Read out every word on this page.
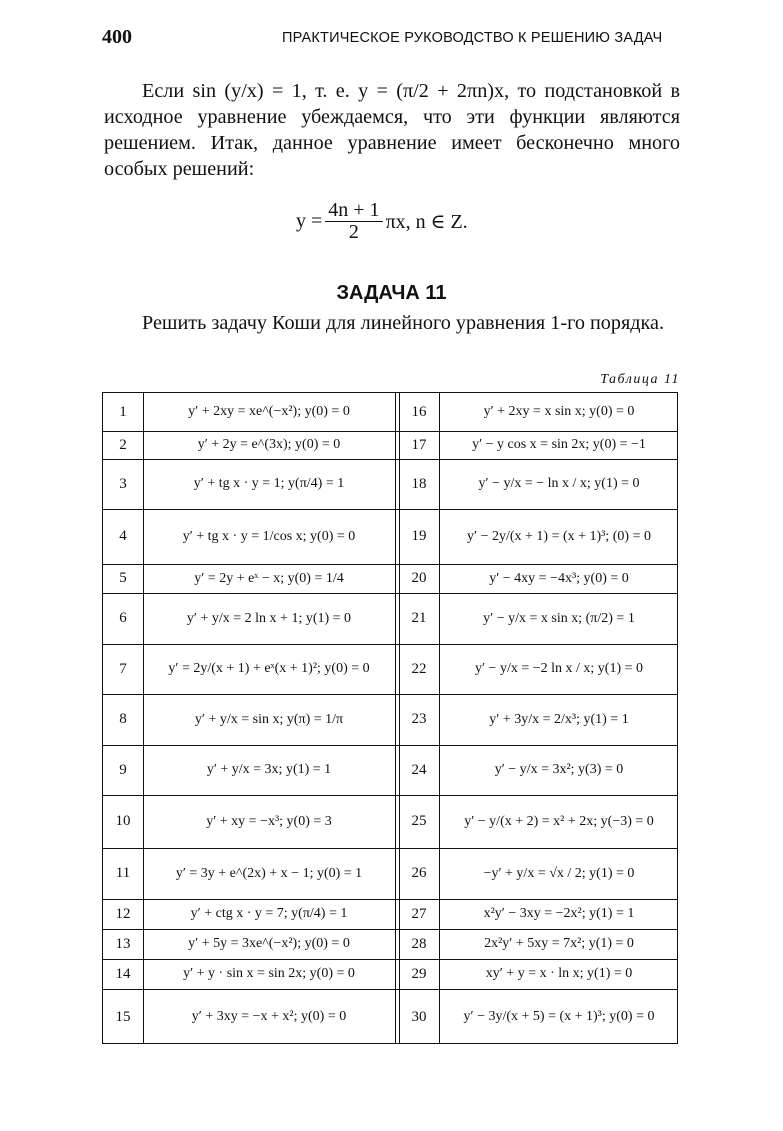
400	ПРАКТИЧЕСКОЕ РУКОВОДСТВО К РЕШЕНИЮ ЗАДАЧ

Если sin (y/x) = 1, т. е. y = (π/2 + 2πn)x, то подстановкой в исходное уравнение убеждаемся, что эти функции являются решением. Итак, данное уравнение имеет бесконечно много особых решений:

$y = \frac{4n + 1}{2} \pi x$, n ∈ Z.
ЗАДАЧА 11

Решить задачу Коши для линейного уравнения 1-го порядка.

Таблица 11
1	y′ + 2xy = xe^(−x²); y(0) = 0	16	y′ + 2xy = x sin x; y(0) = 0
2	y′ + 2y = e^(3x); y(0) = 0	17	y′ − y cos x = sin 2x; y(0) = −1
3	y′ + tg x · y = 1; y(π/4) = 1	18	y′ − y/x = − ln x / x; y(1) = 0
4	y′ + tg x · y = 1/cos x; y(0) = 0	19	y′ − 2y/(x + 1) = (x + 1)³; (0) = 0
5	y′ = 2y + eˣ − x; y(0) = 1/4	20	y′ − 4xy = −4x³; y(0) = 0
6	y′ + y/x = 2 ln x + 1; y(1) = 0	21	y′ − y/x = x sin x; (π/2) = 1
7	y′ = 2y/(x + 1) + eˣ(x + 1)²; y(0) = 0	22	y′ − y/x = −2 ln x / x; y(1) = 0
8	y′ + y/x = sin x; y(π) = 1/π	23	y′ + 3y/x = 2/x³; y(1) = 1
9	y′ + y/x = 3x; y(1) = 1	24	y′ − y/x = 3x²; y(3) = 0
10	y′ + xy = −x³; y(0) = 3	25	y′ − y/(x + 2) = x² + 2x; y(−3) = 0
11	y′ = 3y + e^(2x) + x − 1; y(0) = 1	26	−y′ + y/x = √x / 2; y(1) = 0
12	y′ + ctg x · y = 7; y(π/4) = 1	27	x²y′ − 3xy = −2x²; y(1) = 1
13	y′ + 5y = 3xe^(−x²); y(0) = 0	28	2x²y′ + 5xy = 7x²; y(1) = 0
14	y′ + y · sin x = sin 2x; y(0) = 0	29	xy′ + y = x · ln x; y(1) = 0
15	y′ + 3xy = −x + x²; y(0) = 0	30	y′ − 3y/(x + 5) = (x + 1)³; y(0) = 0
